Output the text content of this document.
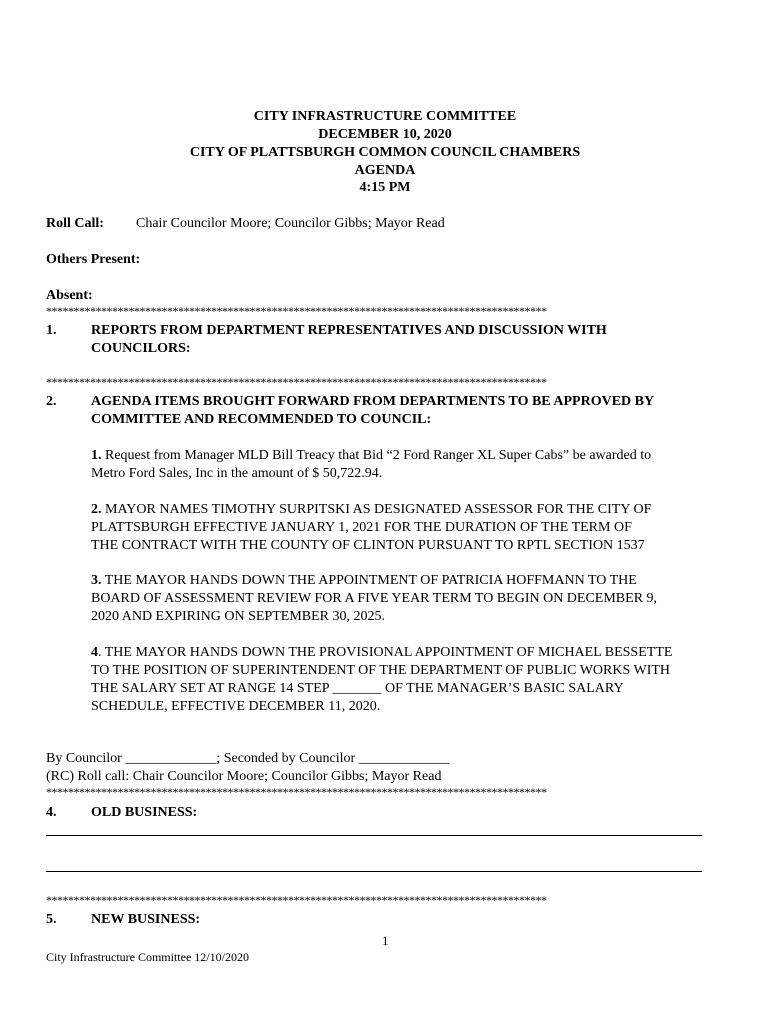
CITY INFRASTRUCTURE COMMITTEE
DECEMBER 10, 2020
CITY OF PLATTSBURGH COMMON COUNCIL CHAMBERS
AGENDA
4:15 PM
Roll Call: Chair Councilor Moore; Councilor Gibbs; Mayor Read
Others Present:
Absent:
*******************************************************************************************
1. REPORTS FROM DEPARTMENT REPRESENTATIVES AND DISCUSSION WITH
COUNCILORS:
*******************************************************************************************
2. AGENDA ITEMS BROUGHT FORWARD FROM DEPARTMENTS TO BE APPROVED BY
COMMITTEE AND RECOMMENDED TO COUNCIL:
1. Request from Manager MLD Bill Treacy that Bid “2 Ford Ranger XL Super Cabs” be awarded to
Metro Ford Sales, Inc in the amount of $ 50,722.94.
2. MAYOR NAMES TIMOTHY SURPITSKI AS DESIGNATED ASSESSOR FOR THE CITY OF
PLATTSBURGH EFFECTIVE JANUARY 1, 2021 FOR THE DURATION OF THE TERM OF
THE CONTRACT WITH THE COUNTY OF CLINTON PURSUANT TO RPTL SECTION 1537
3. THE MAYOR HANDS DOWN THE APPOINTMENT OF PATRICIA HOFFMANN TO THE
BOARD OF ASSESSMENT REVIEW FOR A FIVE YEAR TERM TO BEGIN ON DECEMBER 9,
2020 AND EXPIRING ON SEPTEMBER 30, 2025.
4. THE MAYOR HANDS DOWN THE PROVISIONAL APPOINTMENT OF MICHAEL BESSETTE
TO THE POSITION OF SUPERINTENDENT OF THE DEPARTMENT OF PUBLIC WORKS WITH
THE SALARY SET AT RANGE 14 STEP _______ OF THE MANAGER’S BASIC SALARY
SCHEDULE, EFFECTIVE DECEMBER 11, 2020.
By Councilor _____________; Seconded by Councilor _____________
(RC) Roll call: Chair Councilor Moore; Councilor Gibbs; Mayor Read
*******************************************************************************************
4. OLD BUSINESS:
*******************************************************************************************
5. NEW BUSINESS:
1
City Infrastructure Committee 12/10/2020
